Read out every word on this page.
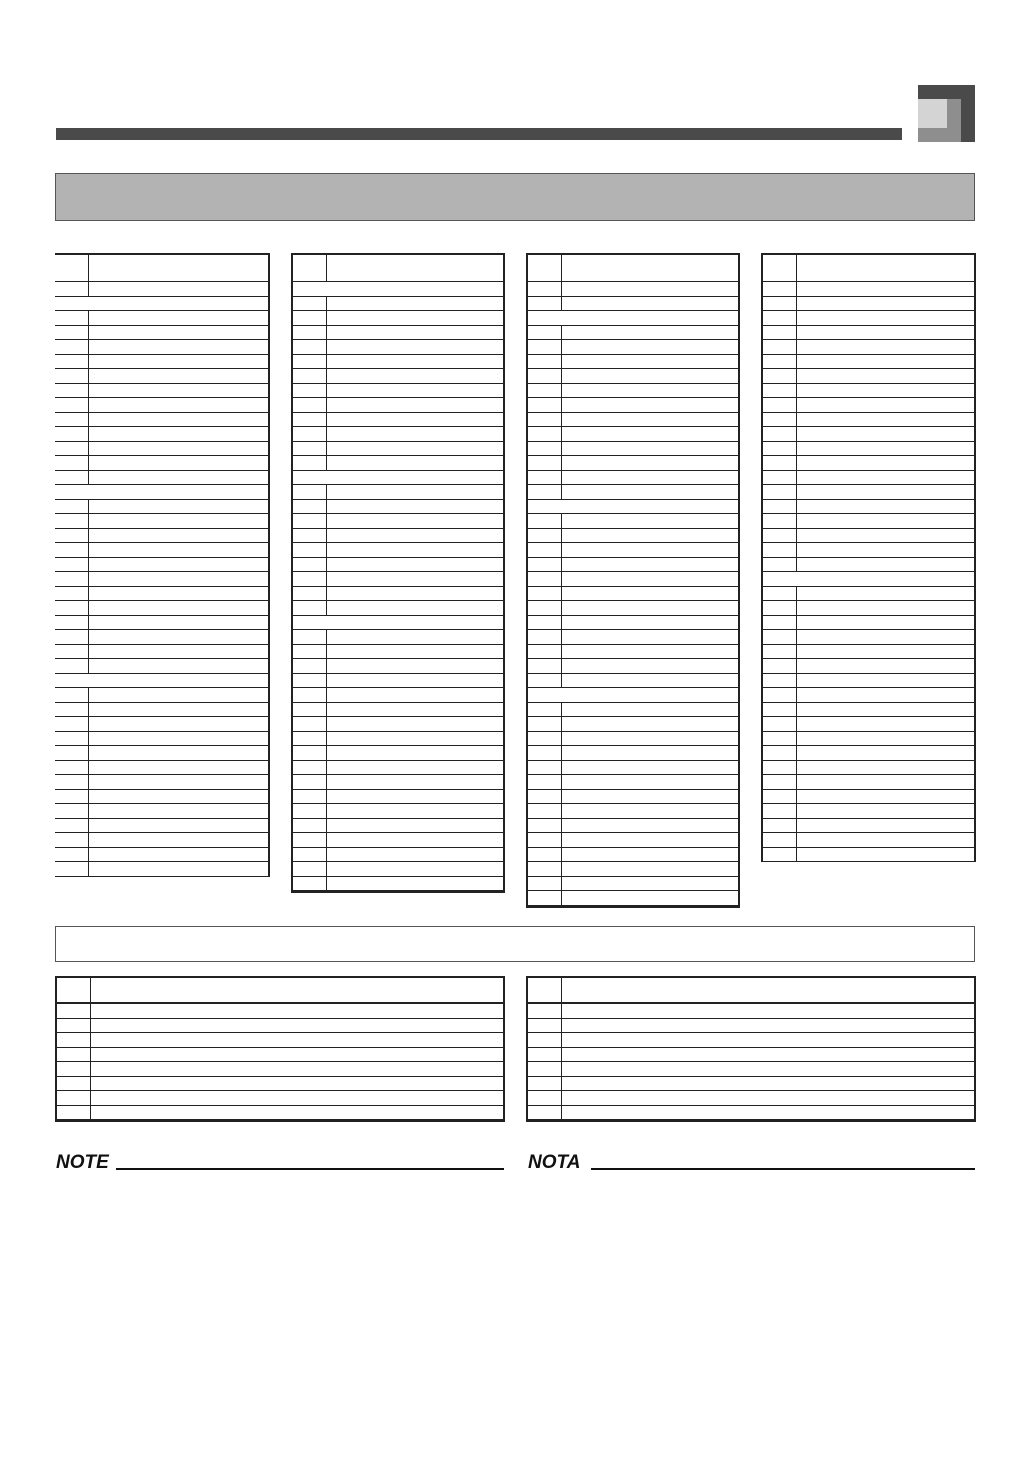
NOTE	NOTA
